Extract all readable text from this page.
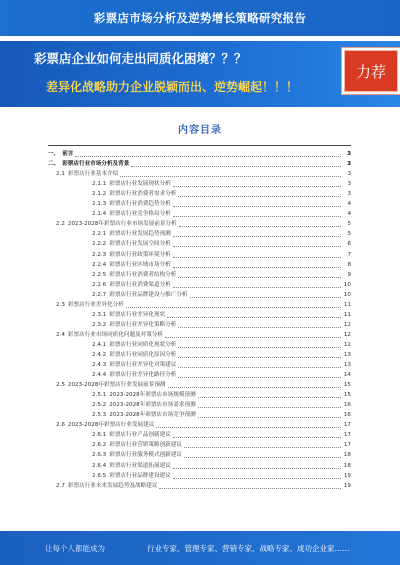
彩票店市场分析及逆势增长策略研究报告
彩票店企业如何走出同质化困境？？？
差异化战略助力企业脱颖而出、逆势崛起！！！
力荐
内容目录
一、 前言	3
二、 彩票店行业市场分析及背景	3
2.1 彩票店行业基本介绍	3
2.1.1 彩票店行业发展现状分析	3
2.1.2 彩票店行业消费者需求分析	3
2.1.3 彩票店行业消费趋势分析	4
2.1.4 彩票店行业竞争格局分析	4
2.2 2023-2028年彩票店行业市场发展前景分析	5
2.2.1 彩票店行业发展趋势预测	5
2.2.2 彩票店行业发展空间分析	6
2.2.3 彩票店行业政策环境分析	7
2.2.4 彩票店行业区域市场分析	8
2.2.5 彩票店行业消费者结构分析	9
2.2.6 彩票店行业消费渠道分析	10
2.2.7 彩票店行业品牌建设与推广分析	10
2.3 彩票店行业差异化分析	11
2.3.1 彩票店行业差异化现状	11
2.3.2 彩票店行业差异化策略分析	12
2.4 彩票店行业市场同质化问题及对策分析	12
2.4.1 彩票店行业同质化现状分析	12
2.4.2 彩票店行业同质化原因分析	13
2.4.3 彩票店行业差异化对策建议	13
2.4.4 彩票店行业差异化路径分析	14
2.5 2023-2028年彩票店行业发展前景预测	15
2.5.1 2023-2028年彩票店市场规模预测	15
2.5.2 2023-2028年彩票店市场需求预测	16
2.5.3 2023-2028年彩票店市场竞争预测	16
2.6 2023-2028年彩票店行业发展建议	17
2.6.1 彩票店行业产品创新建议	17
2.6.2 彩票店行业营销策略创新建议	17
2.6.3 彩票店行业服务模式创新建议	18
2.6.4 彩票店行业渠道拓展建议	18
2.6.5 彩票店行业品牌建设建议	19
2.7 彩票店行业未来发展趋势及战略建议	19
让每个人都能成为	行业专家、管理专家、营销专家、战略专家、成功企业家……
